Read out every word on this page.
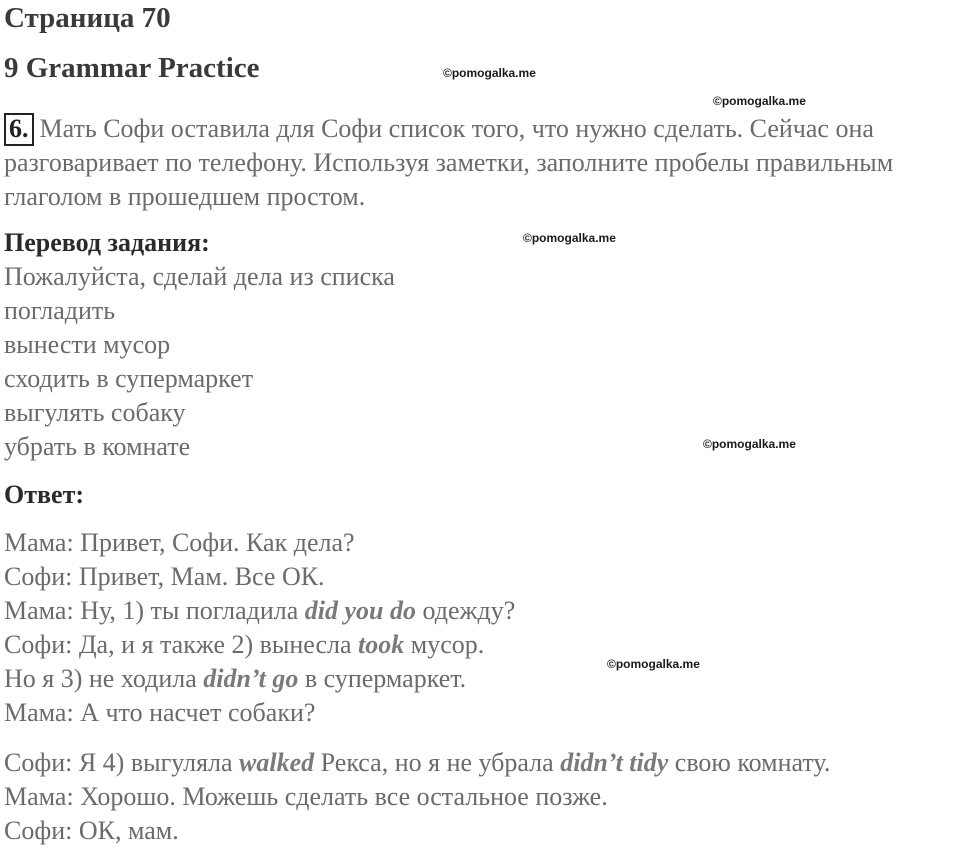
Страница 70
9 Grammar Practice	©pomogalka.me
©pomogalka.me
©pomogalka.me
©pomogalka.me
©pomogalka.me
6. Мать Софи оставила для Софи список того, что нужно сделать. Сейчас она разговаривает по телефону. Используя заметки, заполните пробелы правильным глаголом в прошедшем простом.
Перевод задания:
Пожалуйста, сделай дела из списка
погладить
вынести мусор
сходить в супермаркет
выгулять собаку
убрать в комнате
Ответ:
Мама: Привет, Софи. Как дела?
Софи: Привет, Мам. Все ОК.
Мама: Ну, 1) ты погладила did you do одежду?
Софи: Да, и я также 2) вынесла took мусор.
Но я 3) не ходила didn’t go в супермаркет.
Мама: А что насчет собаки?
Софи: Я 4) выгуляла walked Рекса, но я не убрала didn’t tidy свою комнату.
Мама: Хорошо. Можешь сделать все остальное позже.
Софи: ОК, мам.
